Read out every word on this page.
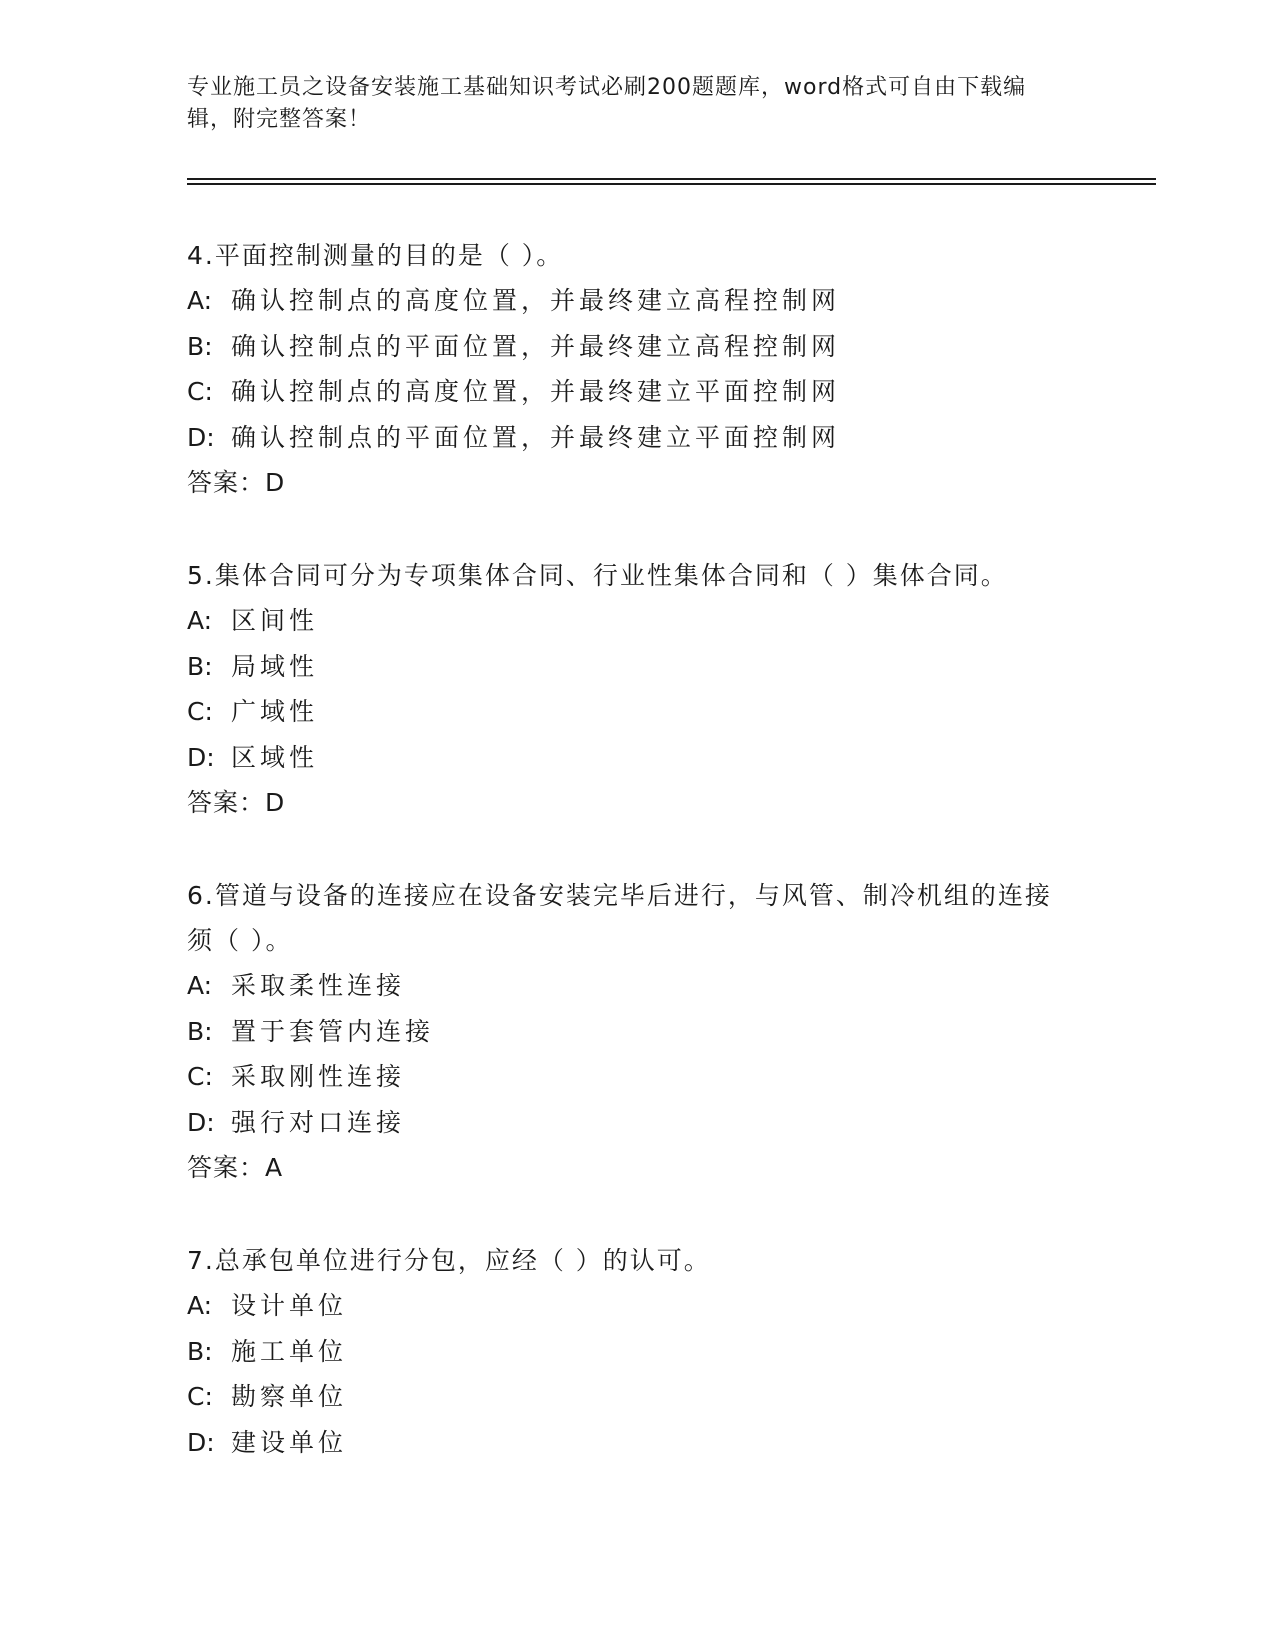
专业施工员之设备安装施工基础知识考试必刷200题题库，word格式可自由下载编辑，附完整答案！

4.平面控制测量的目的是（ ）。

A: 确认控制点的高度位置，并最终建立高程控制网

B: 确认控制点的平面位置，并最终建立高程控制网

C: 确认控制点的高度位置，并最终建立平面控制网

D: 确认控制点的平面位置，并最终建立平面控制网

答案：D

5.集体合同可分为专项集体合同、行业性集体合同和（ ）集体合同。

A: 区间性

B: 局域性

C: 广域性

D: 区域性

答案：D

6.管道与设备的连接应在设备安装完毕后进行，与风管、制冷机组的连接须（ ）。

A: 采取柔性连接

B: 置于套管内连接

C: 采取刚性连接

D: 强行对口连接

答案：A

7.总承包单位进行分包，应经（ ）的认可。

A: 设计单位

B: 施工单位

C: 勘察单位

D: 建设单位
